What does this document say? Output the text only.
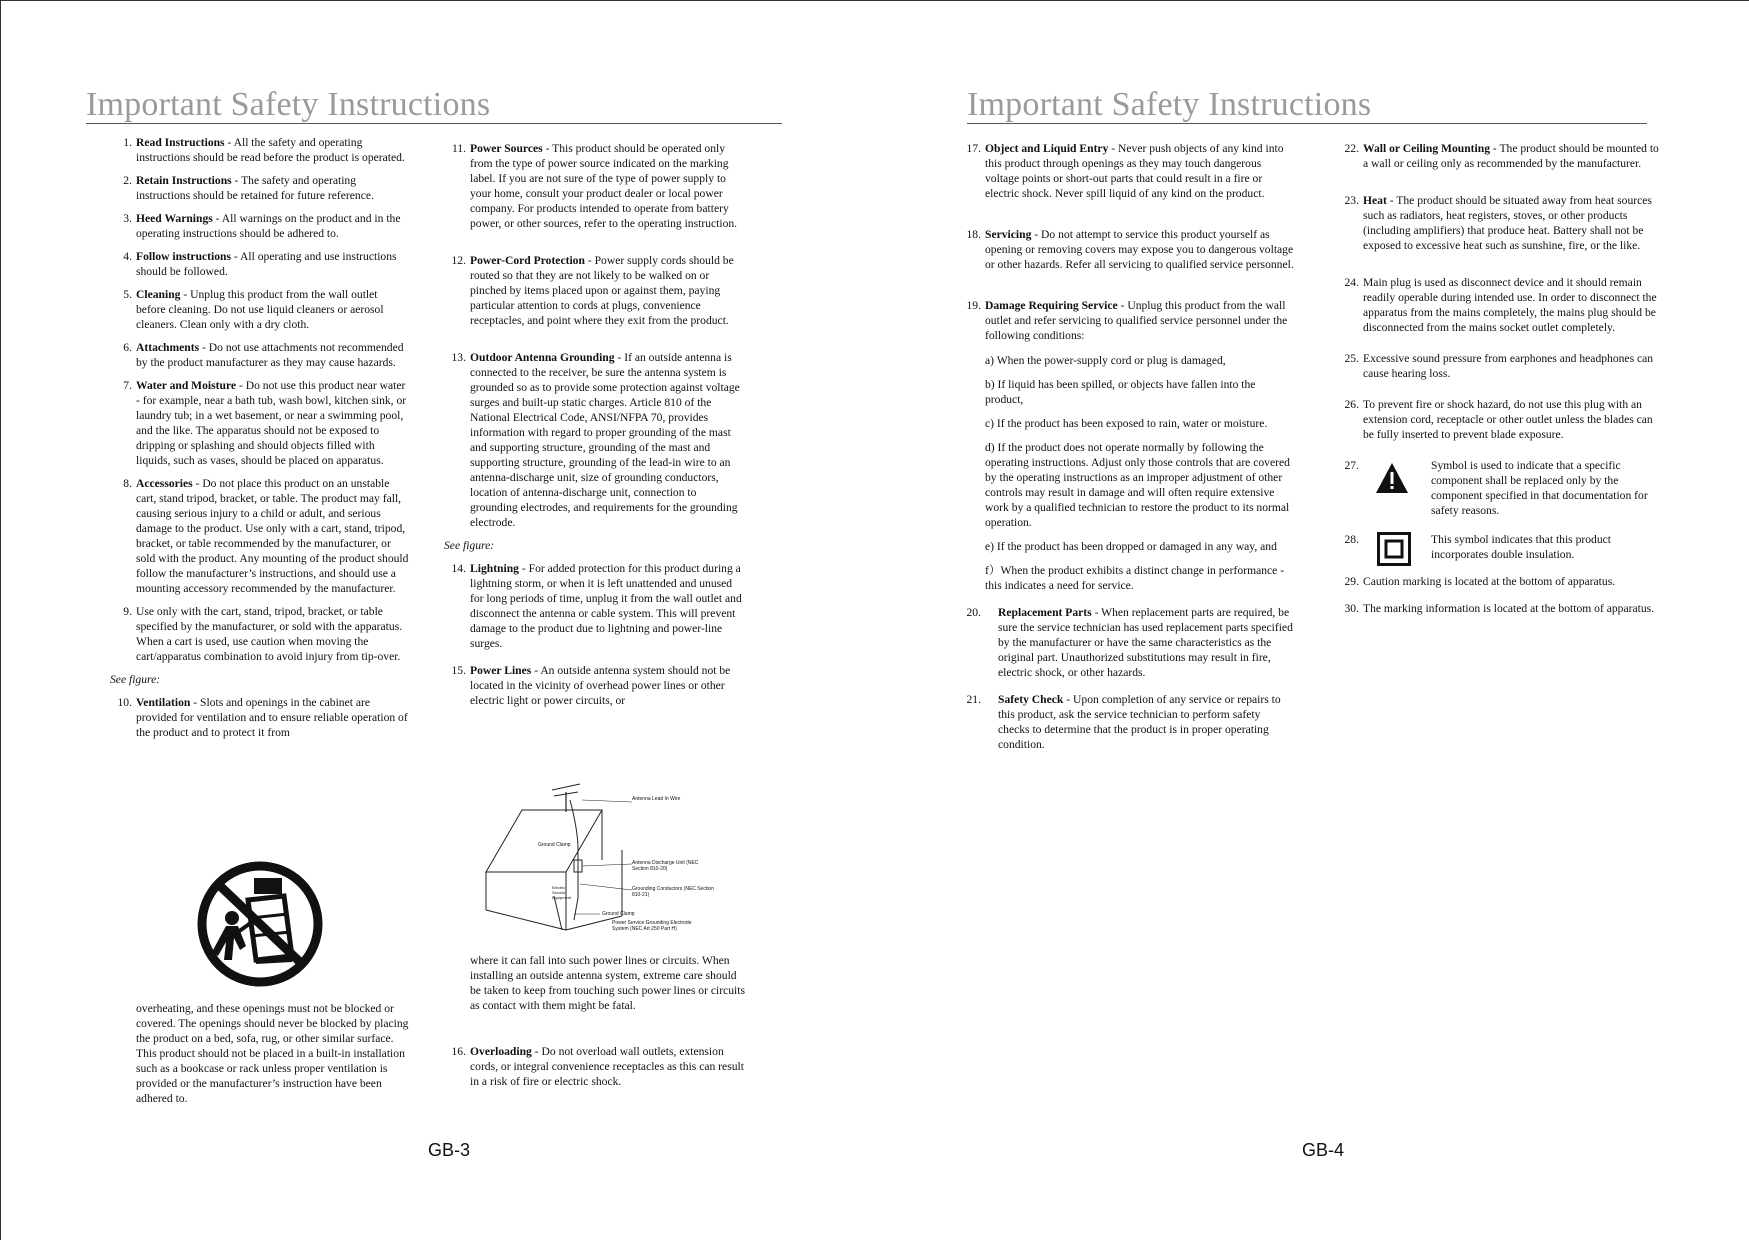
Important Safety Instructions
1. Read Instructions - All the safety and operating instructions should be read before the product is operated.
2. Retain Instructions - The safety and operating instructions should be retained for future reference.
3. Heed Warnings - All warnings on the product and in the operating instructions should be adhered to.
4. Follow instructions - All operating and use instructions should be followed.
5. Cleaning - Unplug this product from the wall outlet before cleaning. Do not use liquid cleaners or aerosol cleaners. Clean only with a dry cloth.
6. Attachments - Do not use attachments not recommended by the product manufacturer as they may cause hazards.
7. Water and Moisture - Do not use this product near water - for example, near a bath tub, wash bowl, kitchen sink, or laundry tub; in a wet basement, or near a swimming pool, and the like. The apparatus should not be exposed to dripping or splashing and should objects filled with liquids, such as vases, should be placed on apparatus.
8. Accessories - Do not place this product on an unstable cart, stand tripod, bracket, or table. The product may fall, causing serious injury to a child or adult, and serious damage to the product. Use only with a cart, stand, tripod, bracket, or table recommended by the manufacturer, or sold with the product. Any mounting of the product should follow the manufacturer’s instructions, and should use a mounting accessory recommended by the manufacturer.
9. Use only with the cart, stand, tripod, bracket, or table specified by the manufacturer, or sold with the apparatus. When a cart is used, use caution when moving the cart/apparatus combination to avoid injury from tip-over.
See figure:
10. Ventilation - Slots and openings in the cabinet are provided for ventilation and to ensure reliable operation of the product and to protect it from
overheating, and these openings must not be blocked or covered. The openings should never be blocked by placing the product on a bed, sofa, rug, or other similar surface. This product should not be placed in a built-in installation such as a bookcase or rack unless proper ventilation is provided or the manufacturer’s instruction have been adhered to.
11. Power Sources - This product should be operated only from the type of power source indicated on the marking label. If you are not sure of the type of power supply to your home, consult your product dealer or local power company. For products intended to operate from battery power, or other sources, refer to the operating instruction.
12. Power-Cord Protection - Power supply cords should be routed so that they are not likely to be walked on or pinched by items placed upon or against them, paying particular attention to cords at plugs, convenience receptacles, and point where they exit from the product.
13. Outdoor Antenna Grounding - If an outside antenna is connected to the receiver, be sure the antenna system is grounded so as to provide some protection against voltage surges and built-up static charges. Article 810 of the National Electrical Code, ANSI/NFPA 70, provides information with regard to proper grounding of the mast and supporting structure, grounding of the mast and supporting structure, grounding of the lead-in wire to an antenna-discharge unit, size of grounding conductors, location of antenna-discharge unit, connection to grounding electrodes, and requirements for the grounding electrode.
See figure:
14. Lightning - For added protection for this product during a lightning storm, or when it is left unattended and unused for long periods of time, unplug it from the wall outlet and disconnect the antenna or cable system. This will prevent damage to the product due to lightning and power-line surges.
15. Power Lines - An outside antenna system should not be located in the vicinity of overhead power lines or other electric light or power circuits, or
Antenna Lead In Wire
Ground Clamp
Antenna Discharge Unit (NEC Section 810-20)
Electric Service Equipment
Grounding Conductors (NEC Section 810-21)
Ground Clamp
Power Service Grounding Electrode System (NEC Art 250 Part H)
where it can fall into such power lines or circuits. When installing an outside antenna system, extreme care should be taken to keep from touching such power lines or circuits as contact with them might be fatal.
16. Overloading - Do not overload wall outlets, extension cords, or integral convenience receptacles as this can result in a risk of fire or electric shock.
GB-3
Important Safety Instructions
17. Object and Liquid Entry - Never push objects of any kind into this product through openings as they may touch dangerous voltage points or short-out parts that could result in a fire or electric shock. Never spill liquid of any kind on the product.
18. Servicing - Do not attempt to service this product yourself as opening or removing covers may expose you to dangerous voltage or other hazards. Refer all servicing to qualified service personnel.
19. Damage Requiring Service - Unplug this product from the wall outlet and refer servicing to qualified service personnel under the following conditions:
a) When the power-supply cord or plug is damaged,
b) If liquid has been spilled, or objects have fallen into the product,
c) If the product has been exposed to rain, water or moisture.
d) If the product does not operate normally by following the operating instructions. Adjust only those controls that are covered by the operating instructions as an improper adjustment of other controls may result in damage and will often require extensive work by a qualified technician to restore the product to its normal operation.
e) If the product has been dropped or damaged in any way, and
f）When the product exhibits a distinct change in performance - this indicates a need for service.
20. Replacement Parts - When replacement parts are required, be sure the service technician has used replacement parts specified by the manufacturer or have the same characteristics as the original part. Unauthorized substitutions may result in fire, electric shock, or other hazards.
21. Safety Check - Upon completion of any service or repairs to this product, ask the service technician to perform safety checks to determine that the product is in proper operating condition.
22. Wall or Ceiling Mounting - The product should be mounted to a wall or ceiling only as recommended by the manufacturer.
23. Heat - The product should be situated away from heat sources such as radiators, heat registers, stoves, or other products (including amplifiers) that produce heat. Battery shall not be exposed to excessive heat such as sunshine, fire, or the like.
24. Main plug is used as disconnect device and it should remain readily operable during intended use. In order to disconnect the apparatus from the mains completely, the mains plug should be disconnected from the mains socket outlet completely.
25. Excessive sound pressure from earphones and headphones can cause hearing loss.
26. To prevent fire or shock hazard, do not use this plug with an extension cord, receptacle or other outlet unless the blades can be fully inserted to prevent blade exposure.
27.	Symbol is used to indicate that a specific component shall be replaced only by the component specified in that documentation for safety reasons.
28.	This symbol indicates that this product incorporates double insulation.
29. Caution marking is located at the bottom of apparatus.
30. The marking information is located at the bottom of apparatus.
GB-4
